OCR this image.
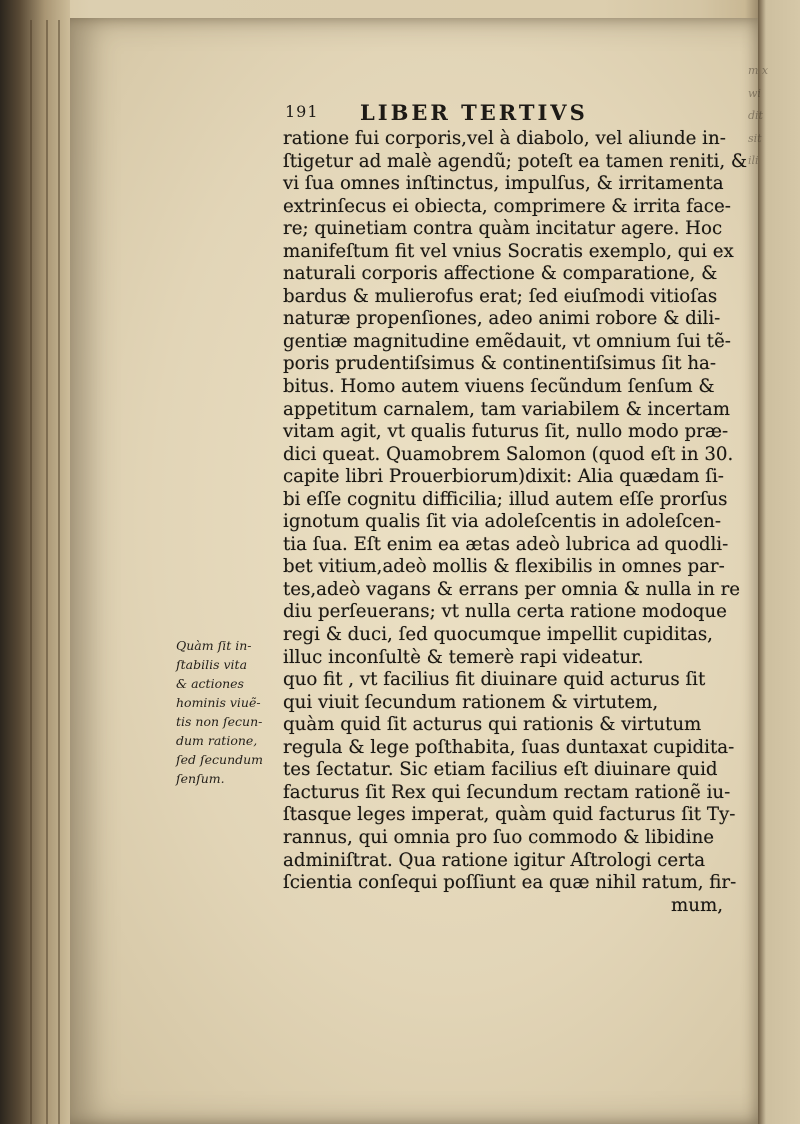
191 LIBER TERTIVS
ratione fui corporis,vel à diabolo, vel aliunde in-
ſtigetur ad malè agendũ; poteſt ea tamen reniti, &
vi ſua omnes inſtinctus, impulſus, & irritamenta
extrinſecus ei obiecta, comprimere & irrita face-
re; quinetiam contra quàm incitatur agere. Hoc
manifeſtum fit vel vnius Socratis exemplo, qui ex
naturali corporis affectione & comparatione, &
bardus & mulierofus erat; ſed eiuſmodi vitioſas
naturæ propenſiones, adeo animi robore & dili-
gentiæ magnitudine emẽdauit, vt omnium ſui tẽ-
poris prudentiſsimus & continentiſsimus ſit ha-
bitus. Homo autem viuens ſecũndum ſenſum &
appetitum carnalem, tam variabilem & incertam
vitam agit, vt qualis futurus ſit, nullo modo præ-
dici queat. Quamobrem Salomon (quod eſt in 30.
capite libri Prouerbiorum)dixit: Alia quædam ſi-
bi eſſe cognitu difficilia; illud autem eſſe prorſus
ignotum qualis ſit via adoleſcentis in adoleſcen-
tia ſua. Eſt enim ea ætas adeò lubrica ad quodli-
bet vitium,adeò mollis & flexibilis in omnes par-
tes,adeò vagans & errans per omnia & nulla in re
diu perſeuerans; vt nulla certa ratione modoque
regi & duci, ſed quocumque impellit cupiditas,
illuc inconſultè & temerè rapi videatur.
quo fit , vt facilius fit diuinare quid acturus ſit
qui viuit ſecundum rationem & virtutem,
quàm quid ſit acturus qui rationis & virtutum
regula & lege poſthabita, ſuas duntaxat cupidita-
tes ſectatur. Sic etiam facilius eſt diuinare quid
facturus ſit Rex qui ſecundum rectam rationẽ iu-
ſtasque leges imperat, quàm quid facturus ſit Ty-
rannus, qui omnia pro ſuo commodo & libidine
adminiſtrat. Qua ratione igitur Aſtrologi certa
ſcientia conſequi poſſiunt ea quæ nihil ratum, fir-
mum,
Quàm ſit in-
ſtabilis vita
& actiones
hominis viuẽ-
tis non ſecun-
dum ratione,
ſed ſecundum
ſenſum.
m x
wi
dit
sit
ili
